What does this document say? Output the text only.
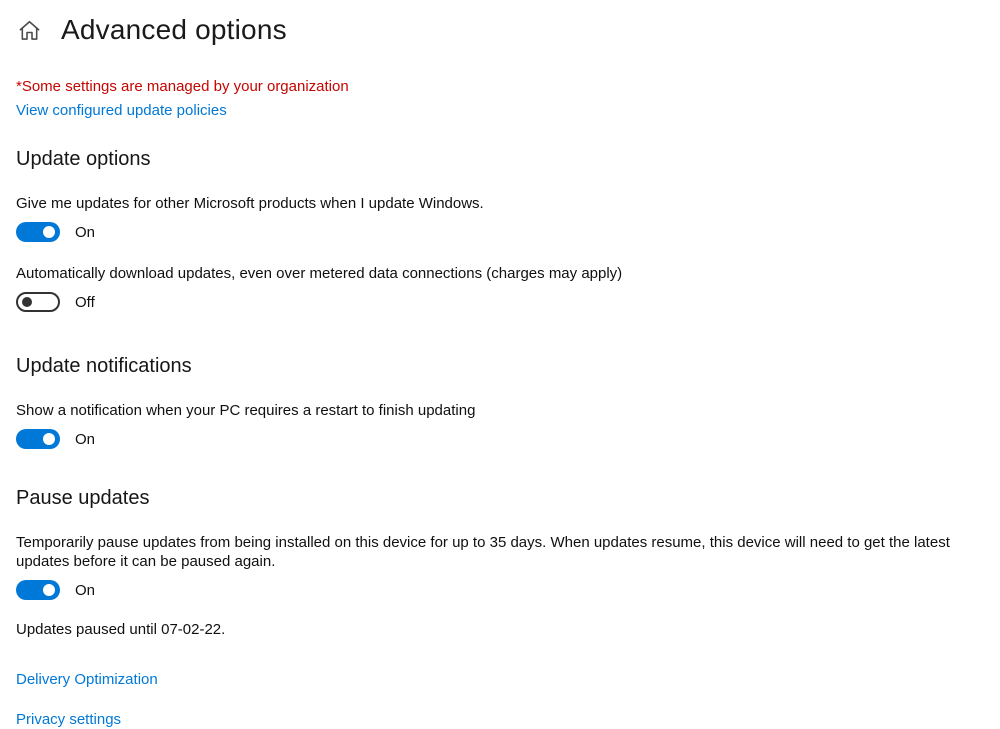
Advanced options
*Some settings are managed by your organization
View configured update policies
Update options
Give me updates for other Microsoft products when I update Windows.
On
Automatically download updates, even over metered data connections (charges may apply)
Off
Update notifications
Show a notification when your PC requires a restart to finish updating
On
Pause updates
Temporarily pause updates from being installed on this device for up to 35 days. When updates resume, this device will need to get the latest updates before it can be paused again.
On
Updates paused until 07-02-22.
Delivery Optimization
Privacy settings
